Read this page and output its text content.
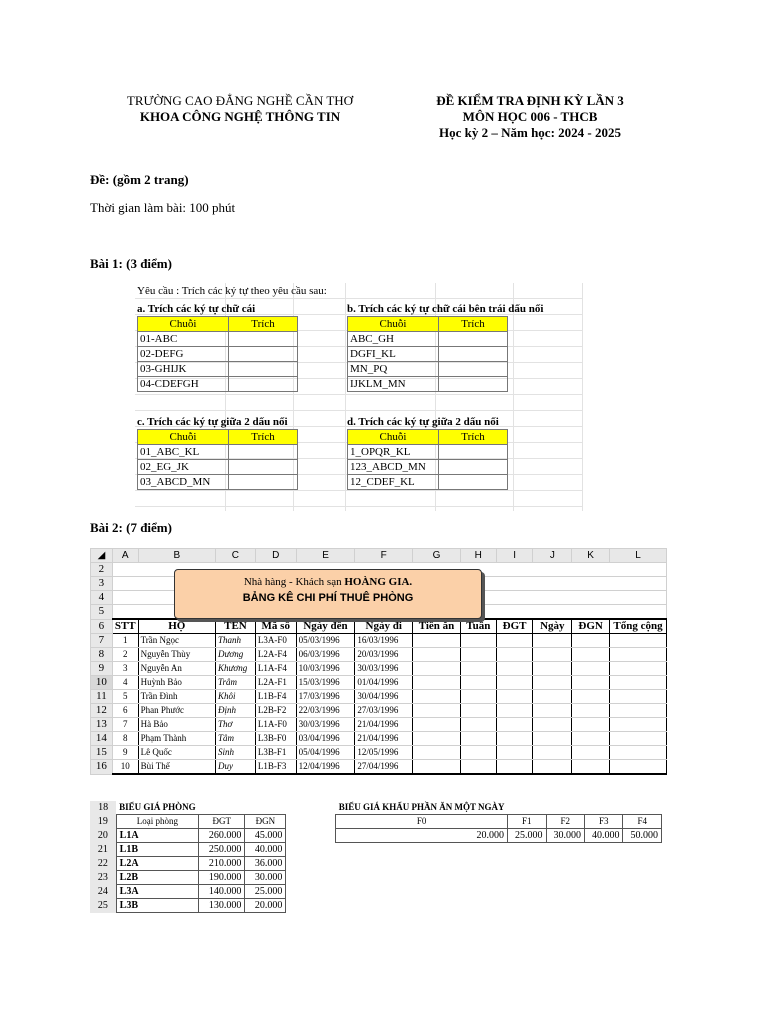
TRƯỜNG CAO ĐẲNG NGHỀ CẦN THƠ
KHOA CÔNG NGHỆ THÔNG TIN
ĐỀ KIỂM TRA ĐỊNH KỲ LẦN 3
MÔN HỌC 006 - THCB
Học kỳ 2 – Năm học: 2024 - 2025
Đề: (gồm 2 trang)
Thời gian làm bài: 100 phút
Bài 1: (3 điểm)
Yêu cầu : Trích các ký tự theo yêu cầu sau:
a. Trích các ký tự chữ cái
Chuỗi	Trích
01-ABC	
02-DEFG	
03-GHIJK	
04-CDEFGH	
b. Trích các ký tự chữ cái bên trái dấu nối
Chuỗi	Trích
ABC_GH	
DGFI_KL	
MN_PQ	
IJKLM_MN	
c. Trích các ký tự giữa 2 dấu nối
Chuỗi	Trích
01_ABC_KL	
02_EG_JK	
03_ABCD_MN	
d. Trích các ký tự giữa 2 dấu nối
Chuỗi	Trích
1_OPQR_KL	
123_ABCD_MN	
12_CDEF_KL	
Bài 2: (7 điểm)
◢	A	B	C	D	E	F	G	H	I	J	K	L
2												
3												
4												
5												
6	STT	HỌ	TÊN	Mã số	Ngày đến	Ngày đi	Tiền ăn	Tuần	ĐGT	Ngày	ĐGN	Tổng cộng
7	1	Trần Ngọc	Thanh	L3A-F0	05/03/1996	16/03/1996						
8	2	Nguyễn Thùy	Dương	L2A-F4	06/03/1996	20/03/1996						
9	3	Nguyễn An	Khương	L1A-F4	10/03/1996	30/03/1996						
10	4	Huỳnh Bảo	Trâm	L2A-F1	15/03/1996	01/04/1996						
11	5	Trần Đình	Khôi	L1B-F4	17/03/1996	30/04/1996						
12	6	Phan Phước	Định	L2B-F2	22/03/1996	27/03/1996						
13	7	Hà Bảo	Thơ	L1A-F0	30/03/1996	21/04/1996						
14	8	Phạm Thành	Tâm	L3B-F0	03/04/1996	21/04/1996						
15	9	Lê Quốc	Sinh	L3B-F1	05/04/1996	12/05/1996						
16	10	Bùi Thế	Duy	L1B-F3	12/04/1996	27/04/1996						
Nhà hàng - Khách sạn HOÀNG GIA.
BẢNG KÊ CHI PHÍ THUÊ PHÒNG
18	BIỂU GIÁ PHÒNG				BIỂU GIÁ KHẨU PHẦN ĂN MỘT NGÀY				
19	Loại phòng	ĐGT	ĐGN		F0	F1	F2	F3	F4
20	L1A	260.000	45.000		20.000	25.000	30.000	40.000	50.000
21	L1B	250.000	40.000						
22	L2A	210.000	36.000						
23	L2B	190.000	30.000						
24	L3A	140.000	25.000						
25	L3B	130.000	20.000						
